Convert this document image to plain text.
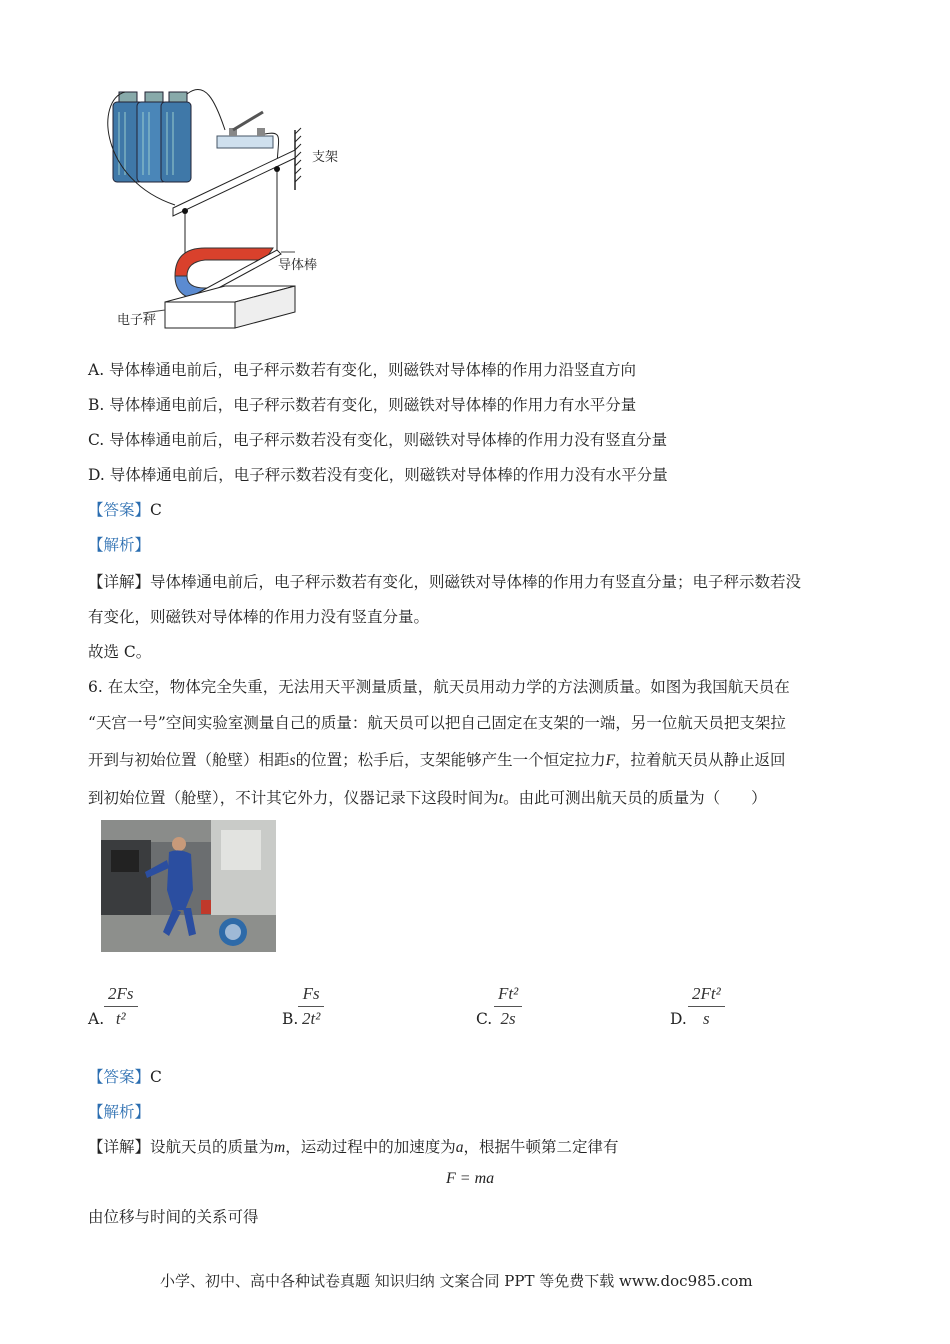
支架
导体棒
电子秤
A. 导体棒通电前后，电子秤示数若有变化，则磁铁对导体棒的作用力沿竖直方向
B. 导体棒通电前后，电子秤示数若有变化，则磁铁对导体棒的作用力有水平分量
C. 导体棒通电前后，电子秤示数若没有变化，则磁铁对导体棒的作用力没有竖直分量
D. 导体棒通电前后，电子秤示数若没有变化，则磁铁对导体棒的作用力没有水平分量
【答案】C
【解析】
【详解】导体棒通电前后，电子秤示数若有变化，则磁铁对导体棒的作用力有竖直分量；电子秤示数若没
有变化，则磁铁对导体棒的作用力没有竖直分量。
故选 C。
6. 在太空，物体完全失重，无法用天平测量质量，航天员用动力学的方法测质量。如图为我国航天员在
“天宫一号”空间实验室测量自己的质量：航天员可以把自己固定在支架的一端，另一位航天员把支架拉
开到与初始位置（舱壁）相距s的位置；松手后，支架能够产生一个恒定拉力F，拉着航天员从静止返回
到初始位置（舱壁），不计其它外力，仪器记录下这段时间为t。由此可测出航天员的质量为（　　）
A.
2Fs
t²	B.
Fs
2t²	C.
Ft²
2s	D.
2Ft²
s
【答案】C
【解析】
【详解】设航天员的质量为m，运动过程中的加速度为a，根据牛顿第二定律有
F = ma
由位移与时间的关系可得
小学、初中、高中各种试卷真题 知识归纳 文案合同 PPT 等免费下载 www.doc985.com
